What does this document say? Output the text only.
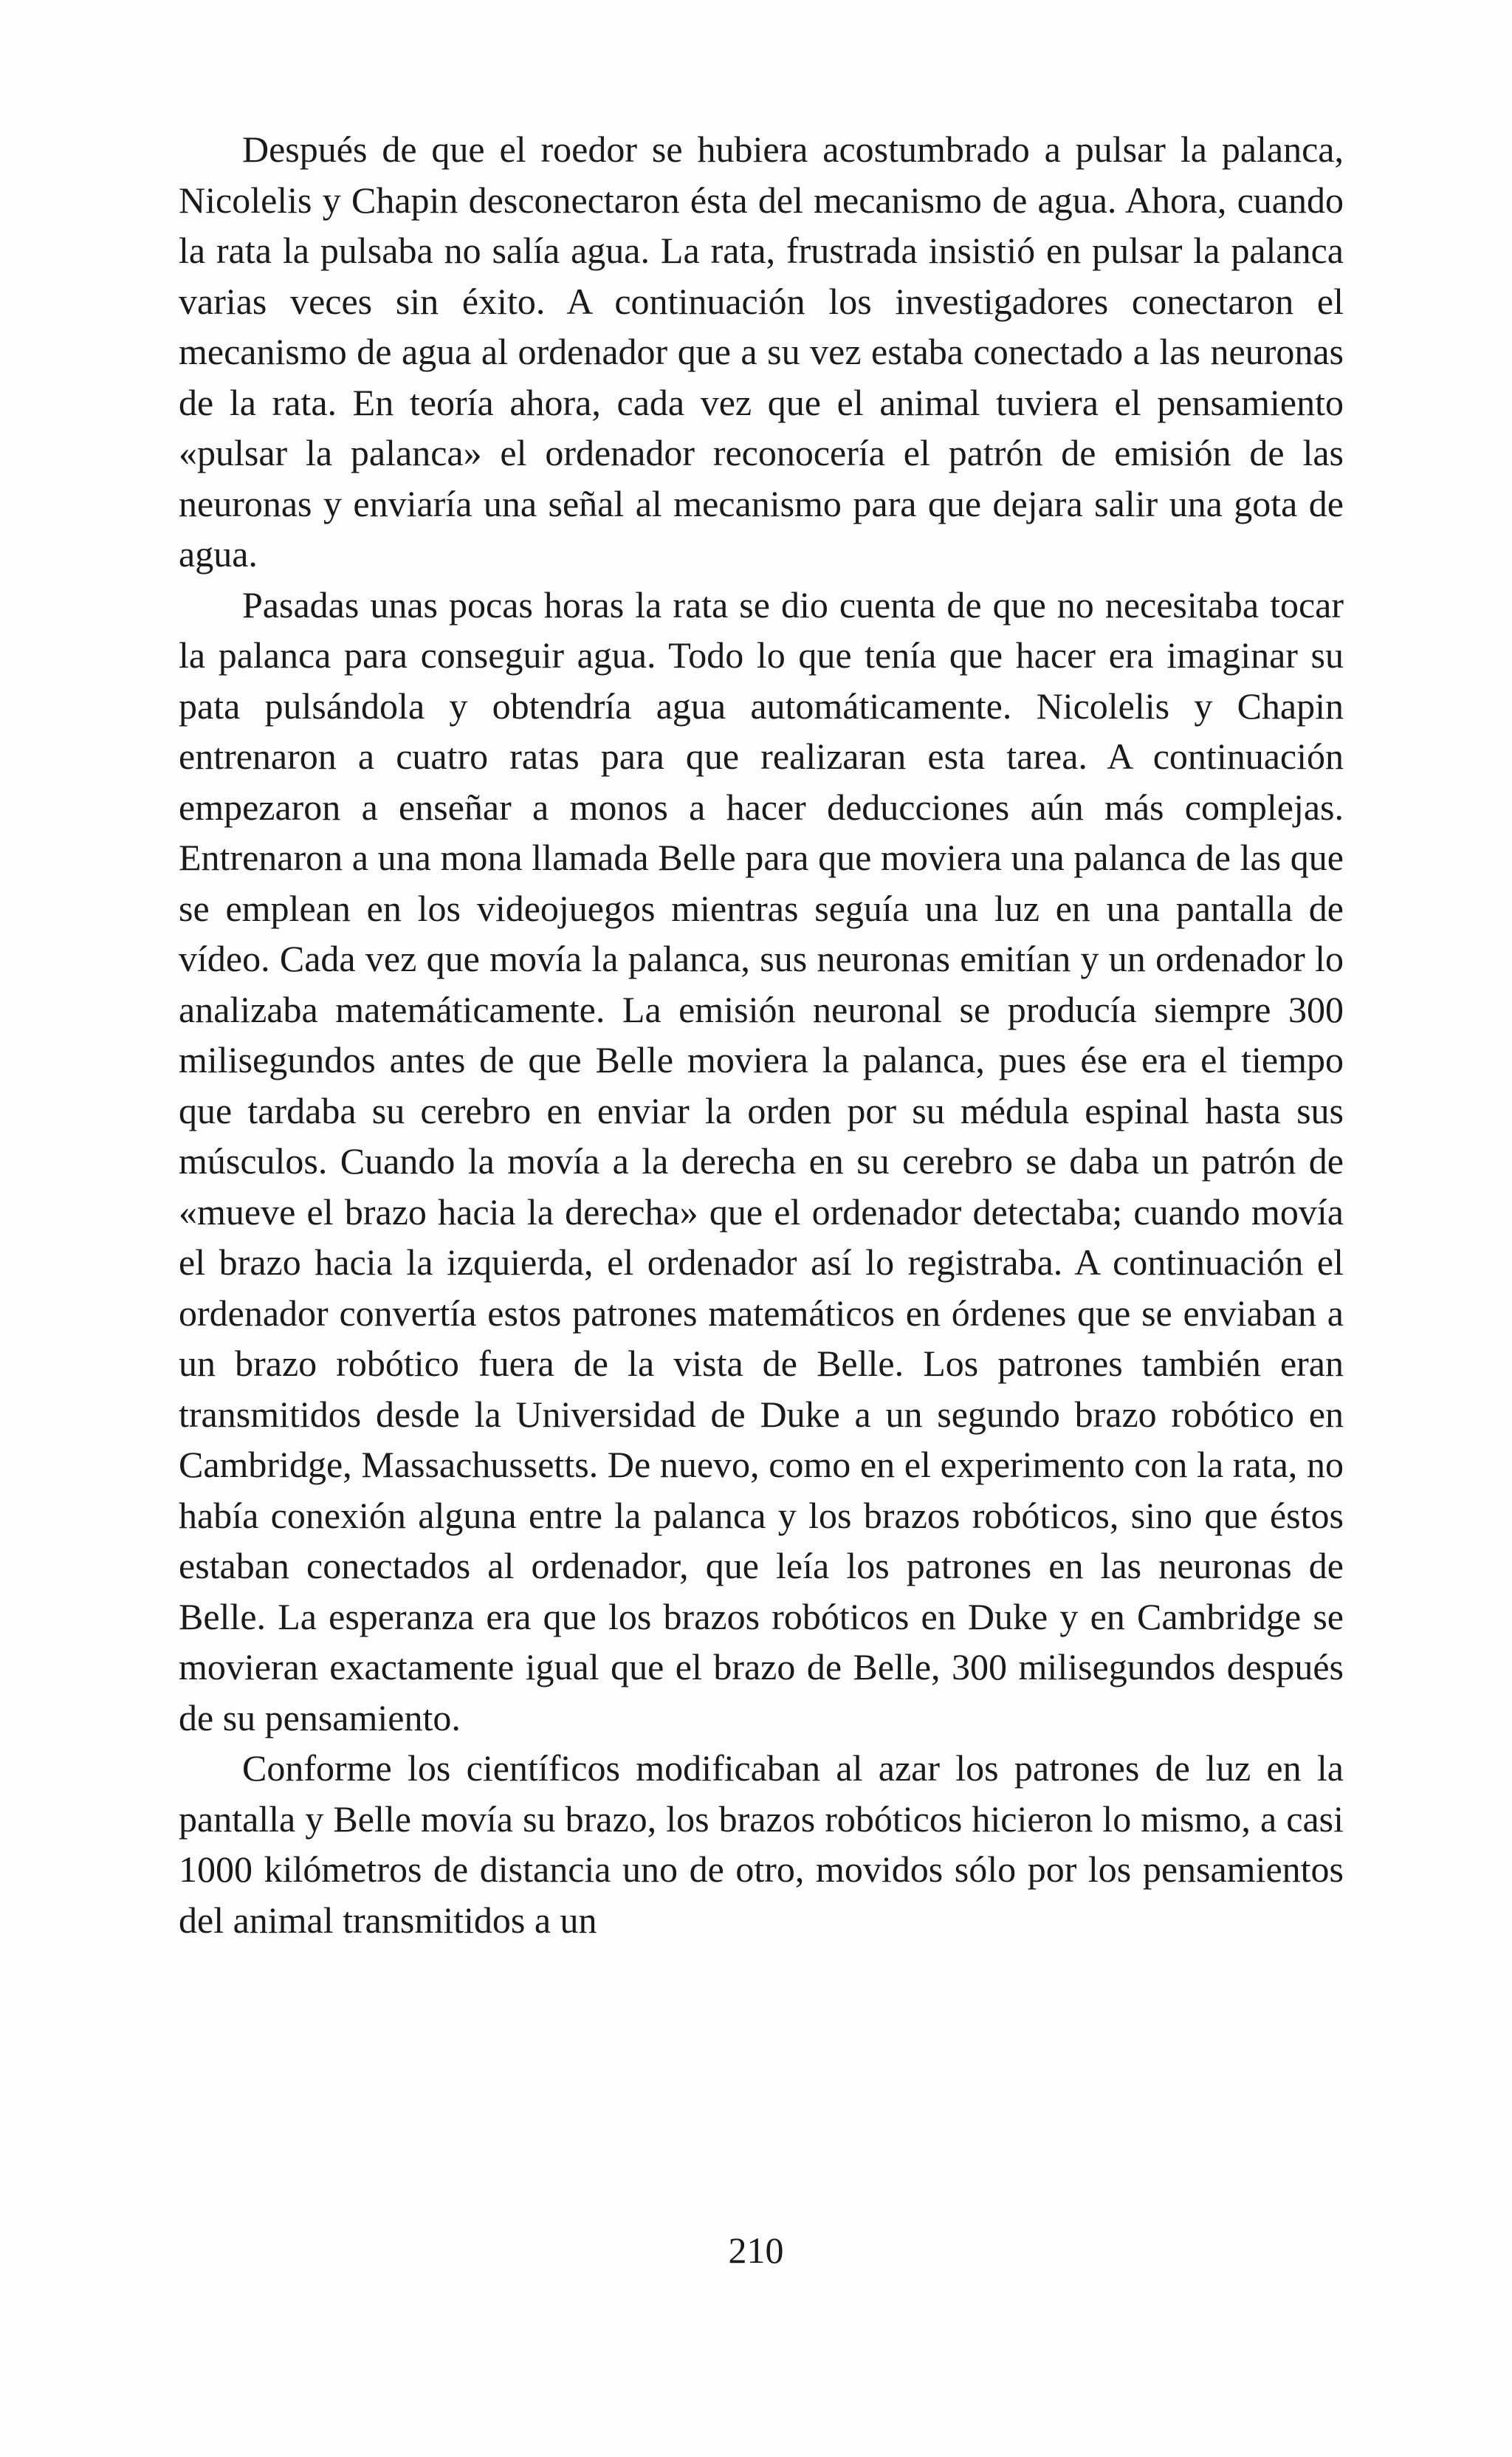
Después de que el roedor se hubiera acostumbrado a pulsar la palanca, Nicolelis y Chapin desconectaron ésta del mecanismo de agua. Ahora, cuando la rata la pulsaba no salía agua. La rata, frustrada insistió en pulsar la palanca varias veces sin éxito. A continuación los investigadores conectaron el mecanismo de agua al ordenador que a su vez estaba conectado a las neuronas de la rata. En teoría ahora, cada vez que el animal tuviera el pensamiento «pulsar la palanca» el ordenador reconocería el patrón de emisión de las neuronas y enviaría una señal al mecanismo para que dejara salir una gota de agua.

Pasadas unas pocas horas la rata se dio cuenta de que no necesitaba tocar la palanca para conseguir agua. Todo lo que tenía que hacer era imaginar su pata pulsándola y obtendría agua automáticamente. Nicolelis y Chapin entrenaron a cuatro ratas para que realizaran esta tarea. A continuación empezaron a enseñar a monos a hacer deducciones aún más complejas. Entrenaron a una mona llamada Belle para que moviera una palanca de las que se emplean en los videojuegos mientras seguía una luz en una pantalla de vídeo. Cada vez que movía la palanca, sus neuronas emitían y un ordenador lo analizaba matemáticamente. La emisión neuronal se producía siempre 300 milisegundos antes de que Belle moviera la palanca, pues ése era el tiempo que tardaba su cerebro en enviar la orden por su médula espinal hasta sus músculos. Cuando la movía a la derecha en su cerebro se daba un patrón de «mueve el brazo hacia la derecha» que el ordenador detectaba; cuando movía el brazo hacia la izquierda, el ordenador así lo registraba. A continuación el ordenador convertía estos patrones matemáticos en órdenes que se enviaban a un brazo robótico fuera de la vista de Belle. Los patrones también eran transmitidos desde la Universidad de Duke a un segundo brazo robótico en Cambridge, Massachussetts. De nuevo, como en el experimento con la rata, no había conexión alguna entre la palanca y los brazos robóticos, sino que éstos estaban conectados al ordenador, que leía los patrones en las neuronas de Belle. La esperanza era que los brazos robóticos en Duke y en Cambridge se movieran exactamente igual que el brazo de Belle, 300 milisegundos después de su pensamiento.

Conforme los científicos modificaban al azar los patrones de luz en la pantalla y Belle movía su brazo, los brazos robóticos hicieron lo mismo, a casi 1000 kilómetros de distancia uno de otro, movidos sólo por los pensamientos del animal transmitidos a un

210
